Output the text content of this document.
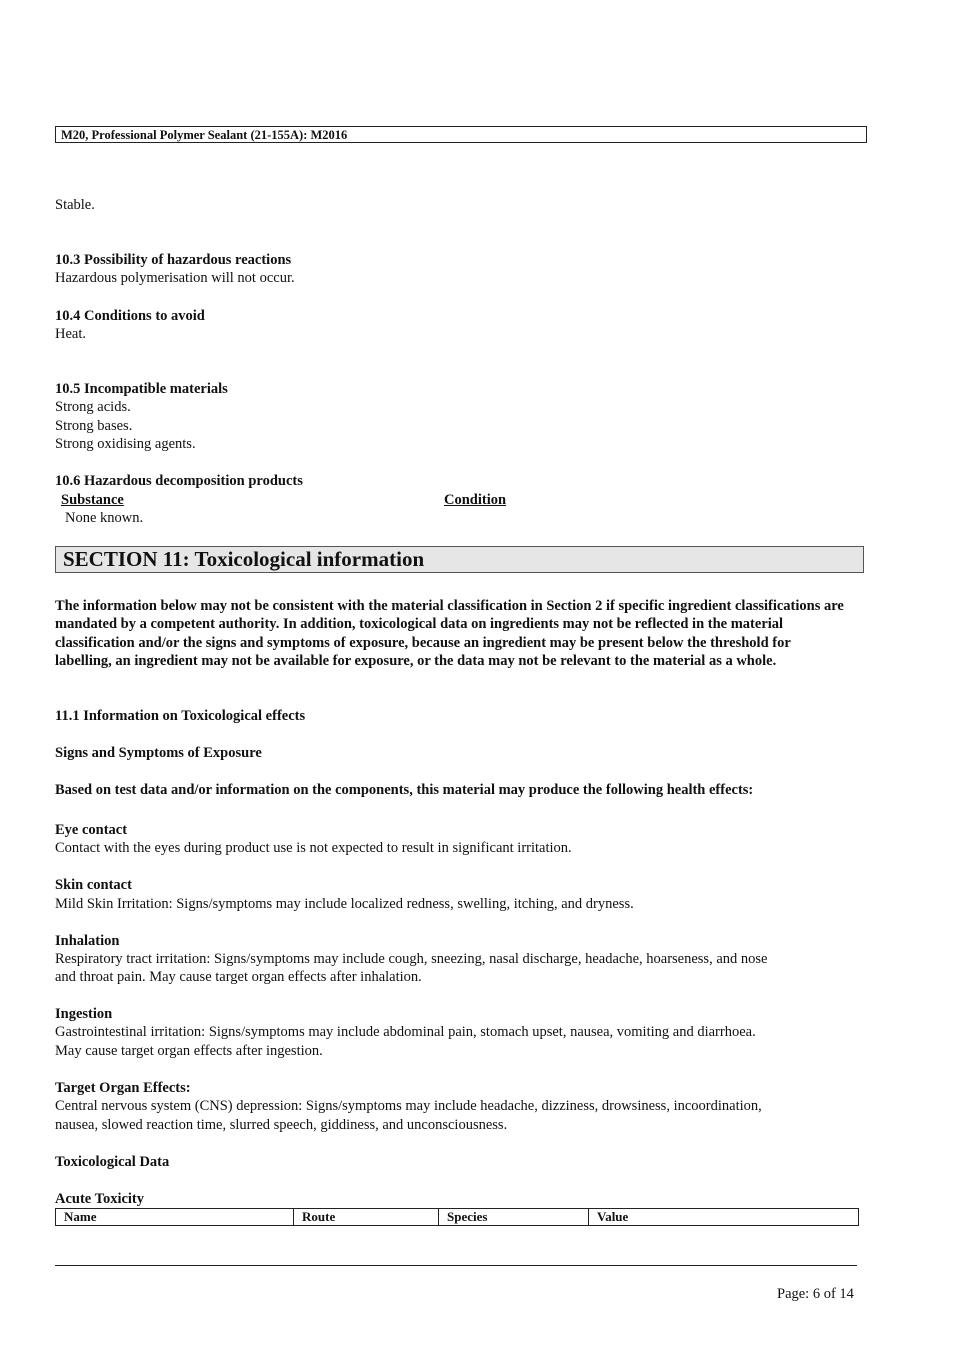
M20, Professional Polymer Sealant (21-155A): M2016
Stable.
10.3 Possibility of hazardous reactions
Hazardous polymerisation will not occur.
10.4 Conditions to avoid
Heat.
10.5 Incompatible materials
Strong acids.
Strong bases.
Strong oxidising agents.
10.6 Hazardous decomposition products
Substance	Condition
None known.
SECTION 11: Toxicological information
The information below may not be consistent with the material classification in Section 2 if specific ingredient classifications are mandated by a competent authority. In addition, toxicological data on ingredients may not be reflected in the material classification and/or the signs and symptoms of exposure, because an ingredient may be present below the threshold for labelling, an ingredient may not be available for exposure, or the data may not be relevant to the material as a whole.
11.1 Information on Toxicological effects
Signs and Symptoms of Exposure
Based on test data and/or information on the components, this material may produce the following health effects:
Eye contact
Contact with the eyes during product use is not expected to result in significant irritation.
Skin contact
Mild Skin Irritation: Signs/symptoms may include localized redness, swelling, itching, and dryness.
Inhalation
Respiratory tract irritation: Signs/symptoms may include cough, sneezing, nasal discharge, headache, hoarseness, and nose
and throat pain. May cause target organ effects after inhalation.
Ingestion
Gastrointestinal irritation: Signs/symptoms may include abdominal pain, stomach upset, nausea, vomiting and diarrhoea.
May cause target organ effects after ingestion.
Target Organ Effects:
Central nervous system (CNS) depression: Signs/symptoms may include headache, dizziness, drowsiness, incoordination,
nausea, slowed reaction time, slurred speech, giddiness, and unconsciousness.
Toxicological Data
Acute Toxicity
Name	Route	Species	Value
Page: 6 of 14
